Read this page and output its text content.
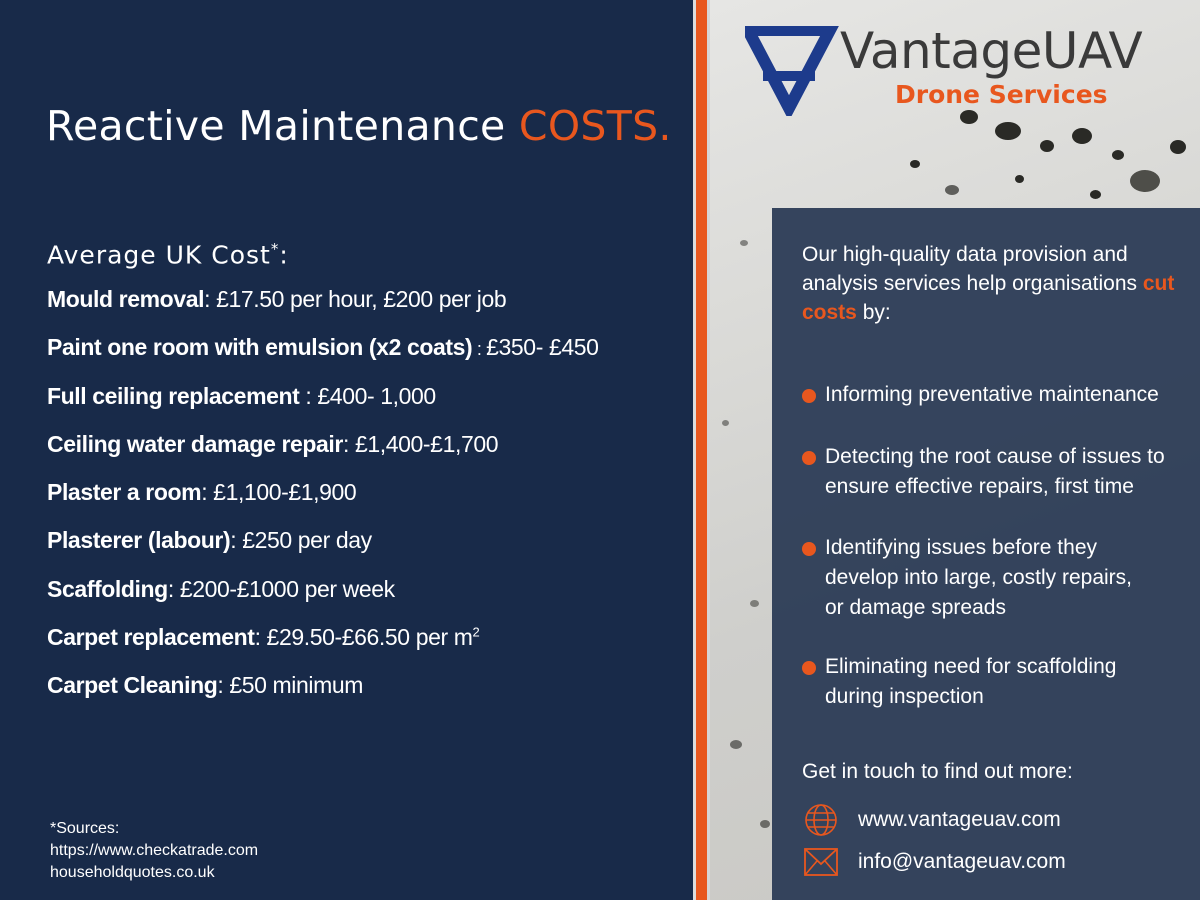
Reactive Maintenance COSTS.
Average UK Cost*:
Mould removal: £17.50 per hour, £200 per job
Paint one room with emulsion (x2 coats) : £350- £450
Full ceiling replacement : £400- 1,000
Ceiling water damage repair: £1,400-£1,700
Plaster a room: £1,100-£1,900
Plasterer (labour): £250 per day
Scaffolding: £200-£1000 per week
Carpet replacement: £29.50-£66.50 per $m^2$
Carpet Cleaning: £50 minimum
*Sources:
https://www.checkatrade.com
householdquotes.co.uk
VantageUAV
Drone Services
Our high-quality data provision and analysis services help organisations cut costs by:
Informing preventative maintenance
Detecting the root cause of issues to ensure effective repairs, first time
Identifying issues before they develop into large, costly repairs, or damage spreads
Eliminating need for scaffolding during inspection
Get in touch to find out more:
www.vantageuav.com
info@vantageuav.com
